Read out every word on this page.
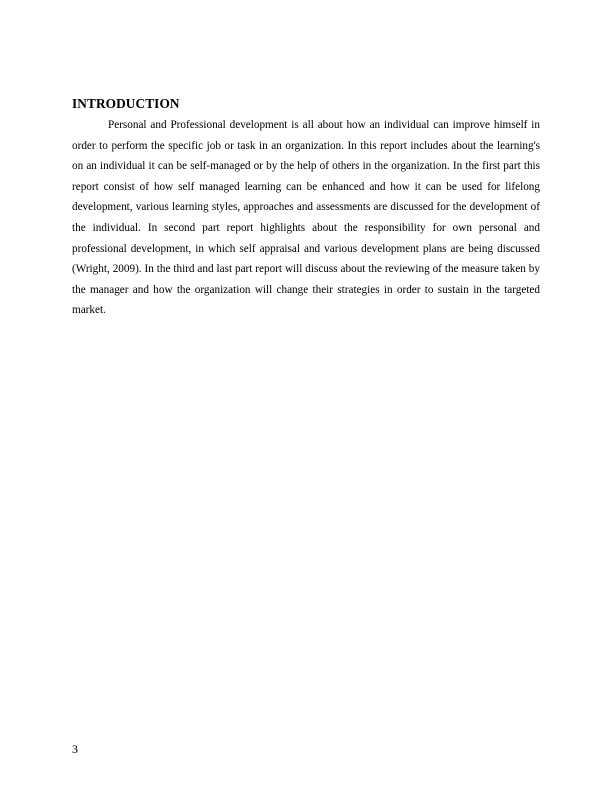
INTRODUCTION

Personal and Professional development is all about how an individual can improve himself in order to perform the specific job or task in an organization. In this report includes about the learning's on an individual it can be self-managed or by the help of others in the organization. In the first part this report consist of how self managed learning can be enhanced and how it can be used for lifelong development, various learning styles, approaches and assessments are discussed for the development of the individual. In second part report highlights about the responsibility for own personal and professional development, in which self appraisal and various development plans are being discussed (Wright, 2009). In the third and last part report will discuss about the reviewing of the measure taken by the manager and how the organization will change their strategies in order to sustain in the targeted market.

3
